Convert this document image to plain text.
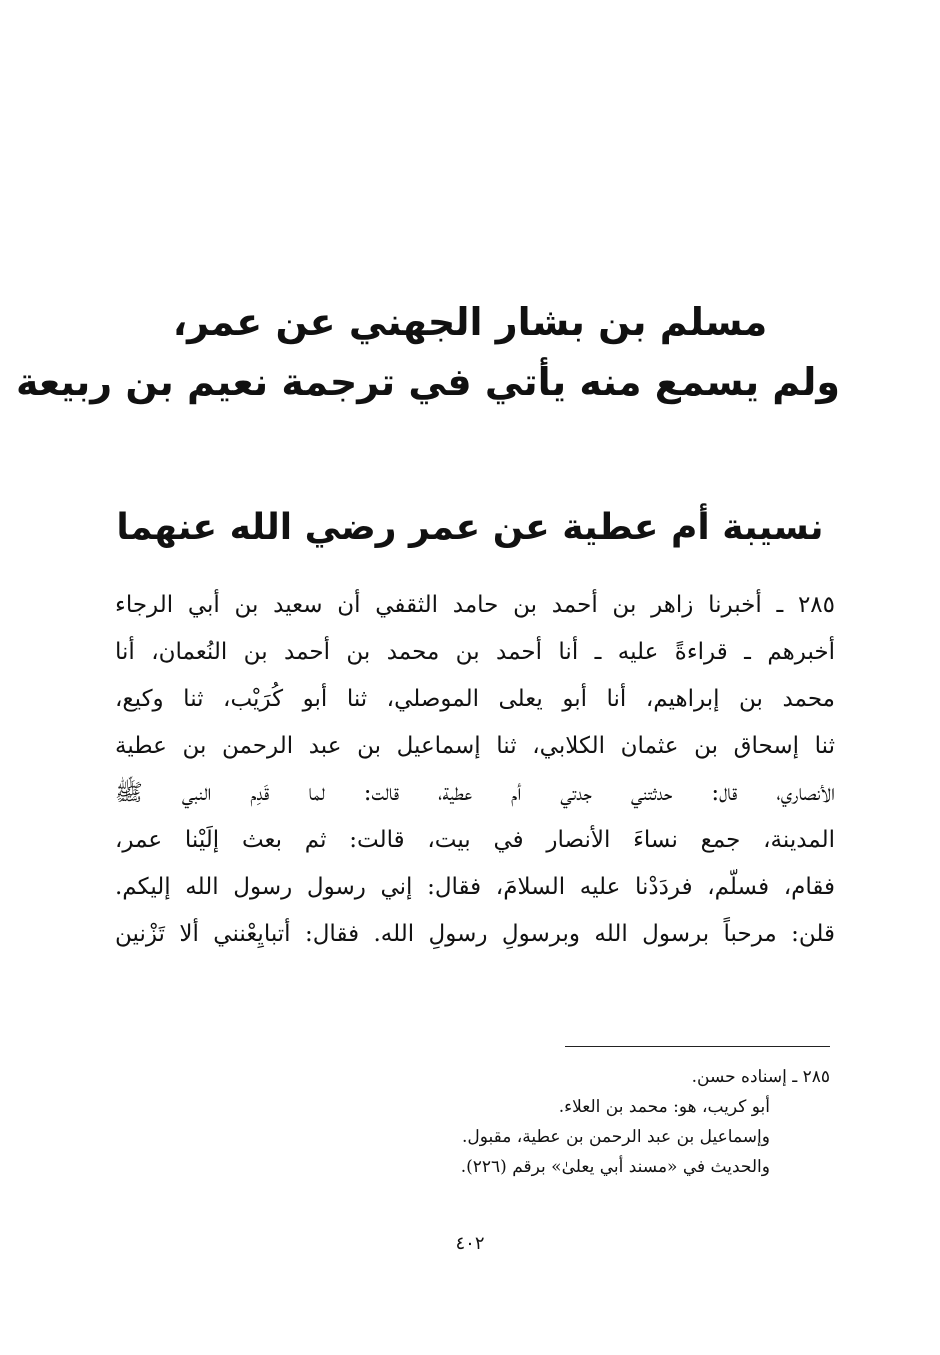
مسلم بن بشار الجهني عن عمر،
ولم يسمع منه يأتي في ترجمة نعيم بن ربيعة
نسيبة أم عطية عن عمر رضي الله عنهما
٢٨٥ ـ أخبرنا زاهر بن أحمد بن حامد الثقفي أن سعيد بن أبي الرجاء
أخبرهم ـ قراءةً عليه ـ أنا أحمد بن محمد بن أحمد بن النُعمان، أنا
محمد بن إبراهيم، أنا أبو يعلى الموصلي، ثنا أبو كُرَيْب، ثنا وكيع،
ثنا إسحاق بن عثمان الكلابي، ثنا إسماعيل بن عبد الرحمن بن عطية
الأنصاري، قال: حدثتني جدتي أم عطية، قالت: لما قَدِم النبي ﷺ
المدينة، جمع نساءَ الأنصار في بيت، قالت: ثم بعث إلَيْنا عمر،
فقام، فسلّم، فردَدْنا عليه السلامَ، فقال: إني رسول رسول الله إليكم.
قلن: مرحباً برسول الله وبرسولِ رسولِ الله. فقال: أتبايِعْنني ألا تَزْنين
٢٨٥ ـ إسناده حسن.
أبو كريب، هو: محمد بن العلاء.
وإسماعيل بن عبد الرحمن بن عطية، مقبول.
والحديث في «مسند أبي يعلىٰ» برقم (٢٢٦).
٤٠٢
